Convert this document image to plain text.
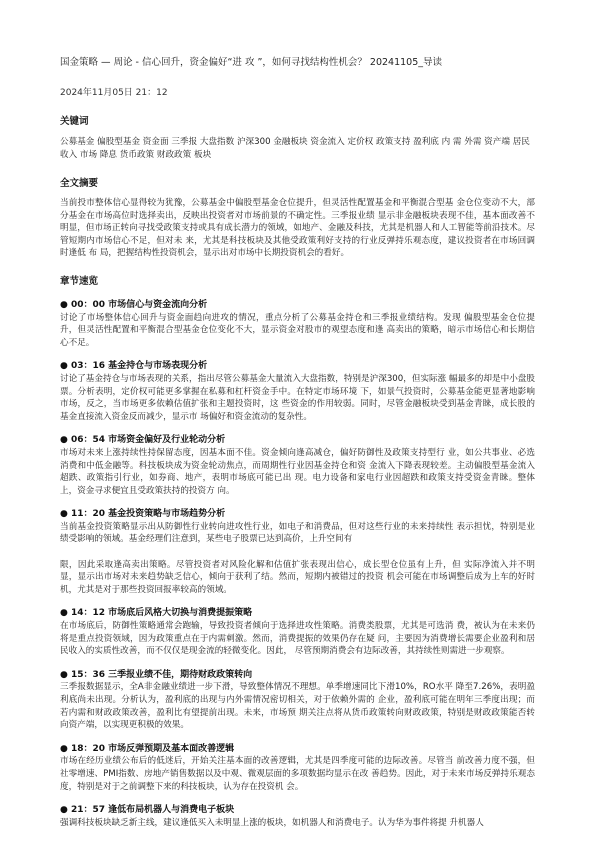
国金策略 — 周论 - 信心回升，资金偏好“进 攻 ”，如何寻找结构性机会？ 20241105_导读
2024年11月05日 21：12
关键词
公募基金 偏股型基金 资金面 三季报 大盘指数 沪深300 金融板块 资金流入 定价权 政策支持 盈利底 内 需 外需 资产端 居民收入 市场 降息 货币政策 财政政策 板块
全文摘要
当前投市整体信心显得较为犹豫，公募基金中偏股型基金仓位提升，但灵活性配置基金和平衡混合型基 金仓位变动不大，部分基金在市场高位时选择卖出，反映出投资者对市场前景的不确定性。三季报业绩 显示非金融板块表现不佳，基本面改善不明显，但市场正转向寻找受政策支持或具有成长潜力的领域，如地产、金融及科技，尤其是机器人和人工智能等前沿技术。尽管短期内市场信心不足，但对未 来，尤其是科技板块及其他受政策利好支持的行业反弹持乐观态度，建议投资者在市场回调时逢低 布 局，把握结构性投资机会，显示出对市场中长期投资机会的看好。
章节速览
● 00：00 市场信心与资金流向分析
讨论了市场整体信心回升与资金面趋向进攻的情况，重点分析了公募基金持仓和三季报业绩结构。发现 偏股型基金仓位提升，但灵活性配置和平衡混合型基金仓位变化不大，显示资金对股市的观望态度和逢 高卖出的策略，暗示市场信心和长期信心不足。
● 03：16 基金持仓与市场表现分析
讨论了基金持仓与市场表现的关系，指出尽管公募基金大量流入大盘指数，特别是沪深300，但实际涨 幅最多的却是中小盘股票。分析表明，定价权可能更多掌握在私募和杠杆资金手中。在特定市场环境 下，如景气投资时，公募基金能更显著地影响市场，反之，当市场更多依赖估值扩张和主题投资时，这 些资金的作用较弱。同时，尽管金融板块受到基金青睐，成长股的基金直接流入资金反而减少，显示市 场偏好和资金流动的复杂性。
● 06：54 市场资金偏好及行业轮动分析
市场对未来上涨持续性持保留态度，因基本面不佳。资金倾向逢高减仓，偏好防御性及政策支持型行 业，如公共事业、必选消费和中低金融等。科技板块成为资金轮动焦点，而周期性行业因基金持仓和资 金流入下降表现较差。主动偏股型基金流入超跌、政策指引行业，如券商、地产，表明市场底可能已出 现。电力设备和家电行业因超跌和政策支持受资金青睐。整体上，资金寻求便宜且受政策扶持的投资方 向。
● 11：20 基金投资策略与市场趋势分析
当前基金投资策略显示出从防御性行业转向进攻性行业，如电子和消费品，但对这些行业的未来持续性 表示担忧，特别是业绩受影响的领域。基金经理们注意到，某些电子股票已达到高价，上升空间有

限，因此采取逢高卖出策略。尽管投资者对风险化解和估值扩张表现出信心，成长型仓位虽有上升，但 实际净流入并不明显，显示出市场对未来趋势缺乏信心，倾向于获利了结。然而，短期内被错过的投资 机会可能在市场调整后成为上车的好时机，尤其是对于那些投资回报率较高的领域。
● 14：12 市场底后风格大切换与消费提振策略
在市场底后，防御性策略通常会跑输，导致投资者倾向于选择进攻性策略。消费类股票，尤其是可选消 费，被认为在未来仍将是重点投资领域，因为政策重点在于内需刺激。然而，消费提振的效果仍存在疑 问，主要因为消费增长需要企业盈利和居民收入的实质性改善，而不仅仅是现金流的轻微变化。因此， 尽管预期消费会有边际改善，其持续性则需进一步观察。
● 15：36 三季报业绩不佳，期待财政政策转向
三季报数据显示，全A非金融业绩进一步下滑，导致整体情况不理想。单季增速同比下滑10%，RO水平 降至7.26%，表明盈利底尚未出现。分析认为，盈利底的出现与内外需情况密切相关，对于依赖外需的 企业，盈利底可能在明年三季度出现；而若内需和财政政策改善，盈利比有望提前出现。未来，市场预 期关注点将从货币政策转向财政政策，特别是财政政策能否转向资产端，以实现更积极的效果。
● 18：20 市场反弹预期及基本面改善逻辑
市场在经历业绩公布后的低迷后，开始关注基本面的改善逻辑，尤其是四季度可能的边际改善。尽管当 前改善力度不强，但社零增速、PMI指数、房地产销售数据以及中观、微观层面的多项数据均显示在改 善趋势。因此，对于未来市场反弹持乐观态度，特别是对于之前调整下来的科技板块，认为存在投资机 会。
● 21：57 逢低布局机器人与消费电子板块
强调科技板块缺乏新主线，建议逢低买入未明显上涨的板块，如机器人和消费电子。认为华为事件将提 升机器人
